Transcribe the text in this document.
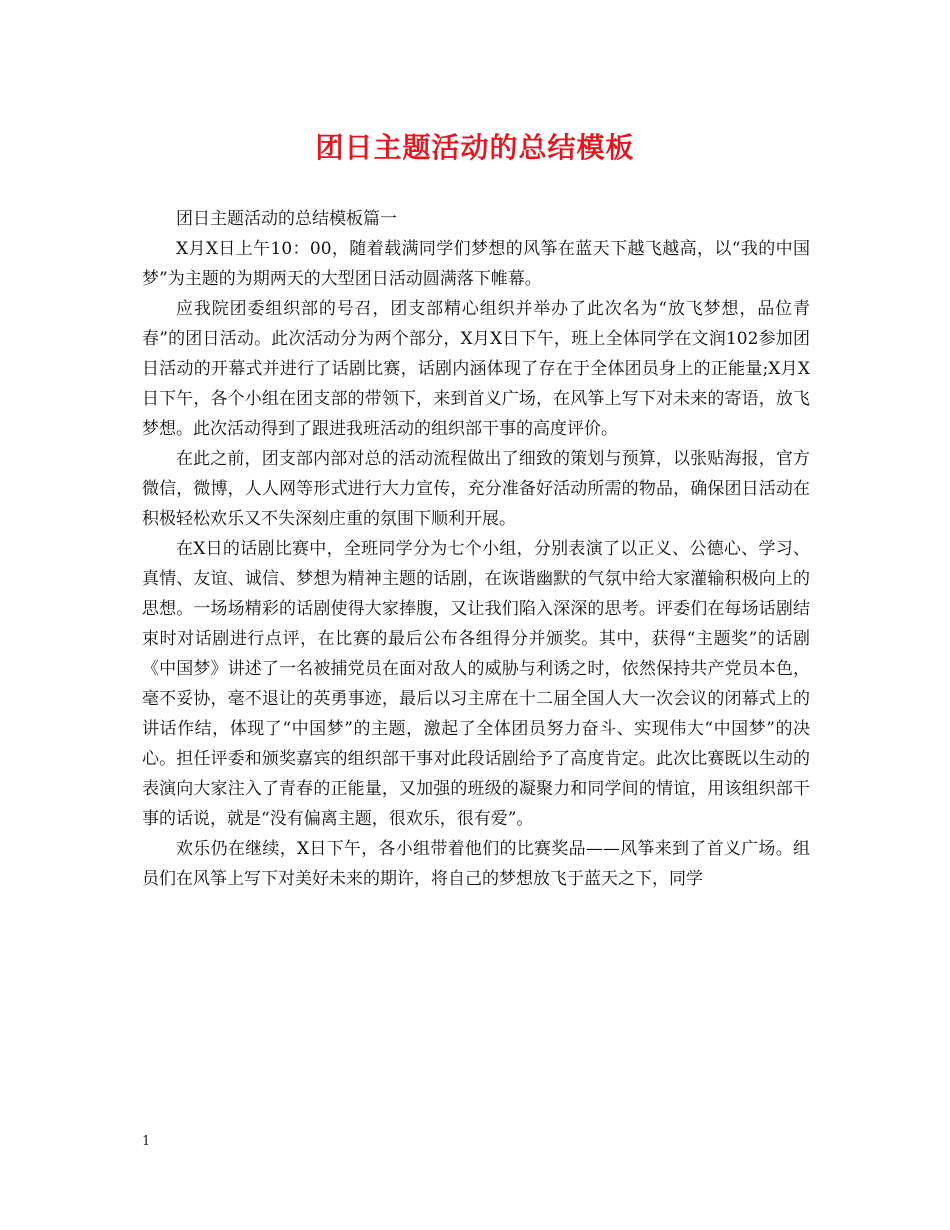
团日主题活动的总结模板

团日主题活动的总结模板篇一

X月X日上午10：00，随着载满同学们梦想的风筝在蓝天下越飞越高，以“我的中国梦”为主题的为期两天的大型团日活动圆满落下帷幕。

应我院团委组织部的号召，团支部精心组织并举办了此次名为“放飞梦想，品位青春”的团日活动。此次活动分为两个部分，X月X日下午，班上全体同学在文润102参加团日活动的开幕式并进行了话剧比赛，话剧内涵体现了存在于全体团员身上的正能量;X月X日下午，各个小组在团支部的带领下，来到首义广场，在风筝上写下对未来的寄语，放飞梦想。此次活动得到了跟进我班活动的组织部干事的高度评价。

在此之前，团支部内部对总的活动流程做出了细致的策划与预算，以张贴海报，官方微信，微博，人人网等形式进行大力宣传，充分准备好活动所需的物品，确保团日活动在积极轻松欢乐又不失深刻庄重的氛围下顺利开展。

在X日的话剧比赛中，全班同学分为七个小组，分别表演了以正义、公德心、学习、真情、友谊、诚信、梦想为精神主题的话剧，在诙谐幽默的气氛中给大家灌输积极向上的思想。一场场精彩的话剧使得大家捧腹，又让我们陷入深深的思考。评委们在每场话剧结束时对话剧进行点评，在比赛的最后公布各组得分并颁奖。其中，获得“主题奖”的话剧《中国梦》讲述了一名被捕党员在面对敌人的威胁与利诱之时，依然保持共产党员本色，毫不妥协，毫不退让的英勇事迹，最后以习主席在十二届全国人大一次会议的闭幕式上的讲话作结，体现了“中国梦”的主题，激起了全体团员努力奋斗、实现伟大“中国梦”的决心。担任评委和颁奖嘉宾的组织部干事对此段话剧给予了高度肯定。此次比赛既以生动的表演向大家注入了青春的正能量，又加强的班级的凝聚力和同学间的情谊，用该组织部干事的话说，就是“没有偏离主题，很欢乐，很有爱”。

欢乐仍在继续，X日下午，各小组带着他们的比赛奖品——风筝来到了首义广场。组员们在风筝上写下对美好未来的期许，将自己的梦想放飞于蓝天之下，同学

1
